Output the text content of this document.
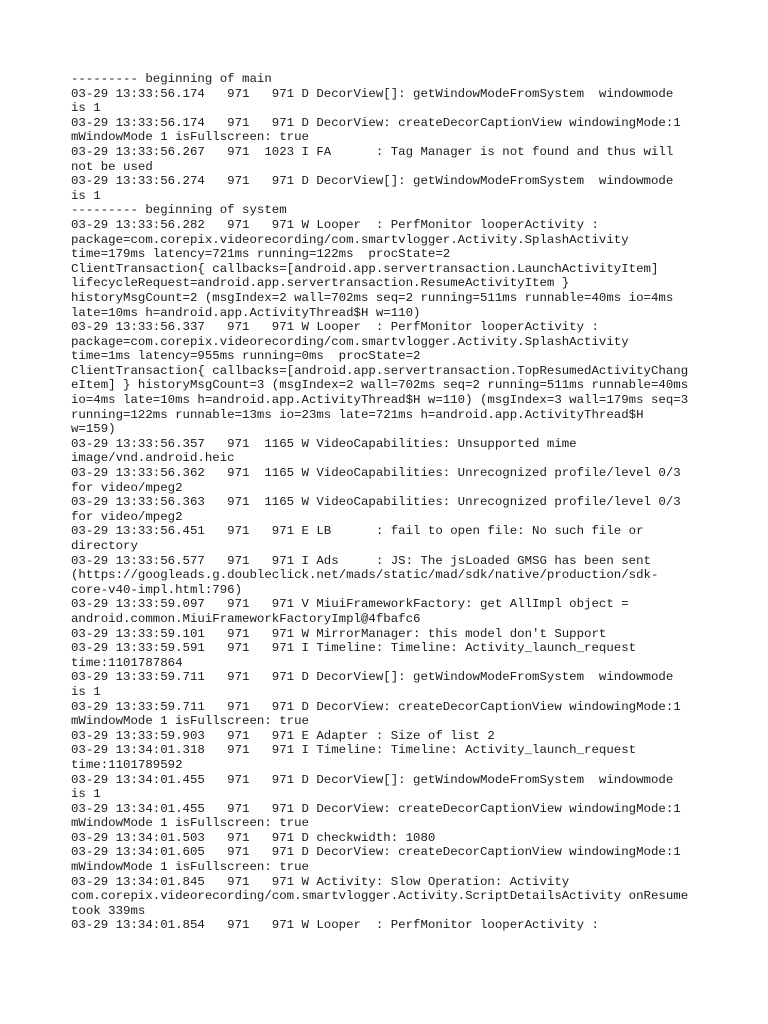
--------- beginning of main
03-29 13:33:56.174   971   971 D DecorView[]: getWindowModeFromSystem  windowmode
is 1
03-29 13:33:56.174   971   971 D DecorView: createDecorCaptionView windowingMode:1
mWindowMode 1 isFullscreen: true
03-29 13:33:56.267   971  1023 I FA      : Tag Manager is not found and thus will
not be used
03-29 13:33:56.274   971   971 D DecorView[]: getWindowModeFromSystem  windowmode
is 1
--------- beginning of system
03-29 13:33:56.282   971   971 W Looper  : PerfMonitor looperActivity :
package=com.corepix.videorecording/com.smartvlogger.Activity.SplashActivity
time=179ms latency=721ms running=122ms  procState=2
ClientTransaction{ callbacks=[android.app.servertransaction.LaunchActivityItem]
lifecycleRequest=android.app.servertransaction.ResumeActivityItem }
historyMsgCount=2 (msgIndex=2 wall=702ms seq=2 running=511ms runnable=40ms io=4ms
late=10ms h=android.app.ActivityThread$H w=110)
03-29 13:33:56.337   971   971 W Looper  : PerfMonitor looperActivity :
package=com.corepix.videorecording/com.smartvlogger.Activity.SplashActivity
time=1ms latency=955ms running=0ms  procState=2
ClientTransaction{ callbacks=[android.app.servertransaction.TopResumedActivityChang
eItem] } historyMsgCount=3 (msgIndex=2 wall=702ms seq=2 running=511ms runnable=40ms
io=4ms late=10ms h=android.app.ActivityThread$H w=110) (msgIndex=3 wall=179ms seq=3
running=122ms runnable=13ms io=23ms late=721ms h=android.app.ActivityThread$H
w=159)
03-29 13:33:56.357   971  1165 W VideoCapabilities: Unsupported mime
image/vnd.android.heic
03-29 13:33:56.362   971  1165 W VideoCapabilities: Unrecognized profile/level 0/3
for video/mpeg2
03-29 13:33:56.363   971  1165 W VideoCapabilities: Unrecognized profile/level 0/3
for video/mpeg2
03-29 13:33:56.451   971   971 E LB      : fail to open file: No such file or
directory
03-29 13:33:56.577   971   971 I Ads     : JS: The jsLoaded GMSG has been sent
(https://googleads.g.doubleclick.net/mads/static/mad/sdk/native/production/sdk-
core-v40-impl.html:796)
03-29 13:33:59.097   971   971 V MiuiFrameworkFactory: get AllImpl object =
android.common.MiuiFrameworkFactoryImpl@4fbafc6
03-29 13:33:59.101   971   971 W MirrorManager: this model don't Support
03-29 13:33:59.591   971   971 I Timeline: Timeline: Activity_launch_request
time:1101787864
03-29 13:33:59.711   971   971 D DecorView[]: getWindowModeFromSystem  windowmode
is 1
03-29 13:33:59.711   971   971 D DecorView: createDecorCaptionView windowingMode:1
mWindowMode 1 isFullscreen: true
03-29 13:33:59.903   971   971 E Adapter : Size of list 2
03-29 13:34:01.318   971   971 I Timeline: Timeline: Activity_launch_request
time:1101789592
03-29 13:34:01.455   971   971 D DecorView[]: getWindowModeFromSystem  windowmode
is 1
03-29 13:34:01.455   971   971 D DecorView: createDecorCaptionView windowingMode:1
mWindowMode 1 isFullscreen: true
03-29 13:34:01.503   971   971 D checkwidth: 1080
03-29 13:34:01.605   971   971 D DecorView: createDecorCaptionView windowingMode:1
mWindowMode 1 isFullscreen: true
03-29 13:34:01.845   971   971 W Activity: Slow Operation: Activity
com.corepix.videorecording/com.smartvlogger.Activity.ScriptDetailsActivity onResume
took 339ms
03-29 13:34:01.854   971   971 W Looper  : PerfMonitor looperActivity :
